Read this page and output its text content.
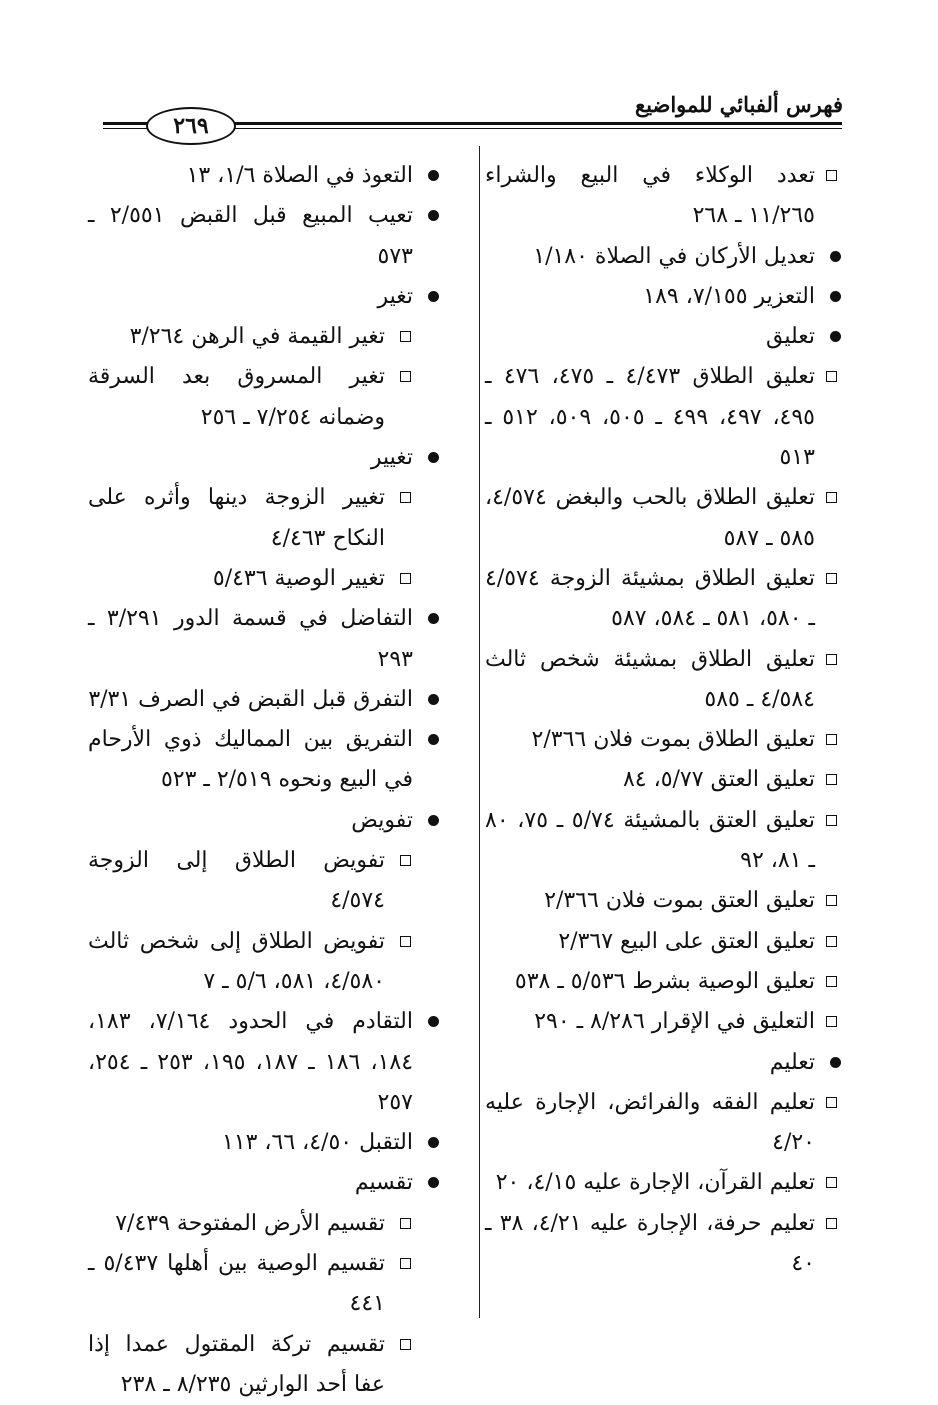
فهرس ألفبائي للمواضيع
٢٦٩
تعدد الوكلاء في البيع والشراء ١١/٢٦٥ ـ ٢٦٨
تعديل الأركان في الصلاة ١/١٨٠
التعزير ٧/١٥٥، ١٨٩
تعليق
تعليق الطلاق ٤/٤٧٣ ـ ٤٧٥، ٤٧٦ ـ ٤٩٥، ٤٩٧، ٤٩٩ ـ ٥٠٥، ٥٠٩، ٥١٢ ـ ٥١٣
تعليق الطلاق بالحب والبغض ٤/٥٧٤، ٥٨٥ ـ ٥٨٧
تعليق الطلاق بمشيئة الزوجة ٤/٥٧٤ ـ ٥٨٠، ٥٨١ ـ ٥٨٤، ٥٨٧
تعليق الطلاق بمشيئة شخص ثالث ٤/٥٨٤ ـ ٥٨٥
تعليق الطلاق بموت فلان ٢/٣٦٦
تعليق العتق ٥/٧٧، ٨٤
تعليق العتق بالمشيئة ٥/٧٤ ـ ٧٥، ٨٠ ـ ٨١، ٩٢
تعليق العتق بموت فلان ٢/٣٦٦
تعليق العتق على البيع ٢/٣٦٧
تعليق الوصية بشرط ٥/٥٣٦ ـ ٥٣٨
التعليق في الإقرار ٨/٢٨٦ ـ ٢٩٠
تعليم
تعليم الفقه والفرائض، الإجارة عليه ٤/٢٠
تعليم القرآن، الإجارة عليه ٤/١٥، ٢٠
تعليم حرفة، الإجارة عليه ٤/٢١، ٣٨ ـ ٤٠
التعوذ في الصلاة ١/٦، ١٣
تعيب المبيع قبل القبض ٢/٥٥١ ـ ٥٧٣
تغير
تغير القيمة في الرهن ٣/٢٦٤
تغير المسروق بعد السرقة وضمانه ٧/٢٥٤ ـ ٢٥٦
تغيير
تغيير الزوجة دينها وأثره على النكاح ٤/٤٦٣
تغيير الوصية ٥/٤٣٦
التفاضل في قسمة الدور ٣/٢٩١ ـ ٢٩٣
التفرق قبل القبض في الصرف ٣/٣١
التفريق بين المماليك ذوي الأرحام في البيع ونحوه ٢/٥١٩ ـ ٥٢٣
تفويض
تفويض الطلاق إلى الزوجة ٤/٥٧٤
تفويض الطلاق إلى شخص ثالث ٤/٥٨٠، ٥٨١، ٥/٦ ـ ٧
التقادم في الحدود ٧/١٦٤، ١٨٣، ١٨٤، ١٨٦ ـ ١٨٧، ١٩٥، ٢٥٣ ـ ٢٥٤، ٢٥٧
التقبل ٤/٥٠، ٦٦، ١١٣
تقسيم
تقسيم الأرض المفتوحة ٧/٤٣٩
تقسيم الوصية بين أهلها ٥/٤٣٧ ـ ٤٤١
تقسيم تركة المقتول عمدا إذا عفا أحد الوارثين ٨/٢٣٥ ـ ٢٣٨
